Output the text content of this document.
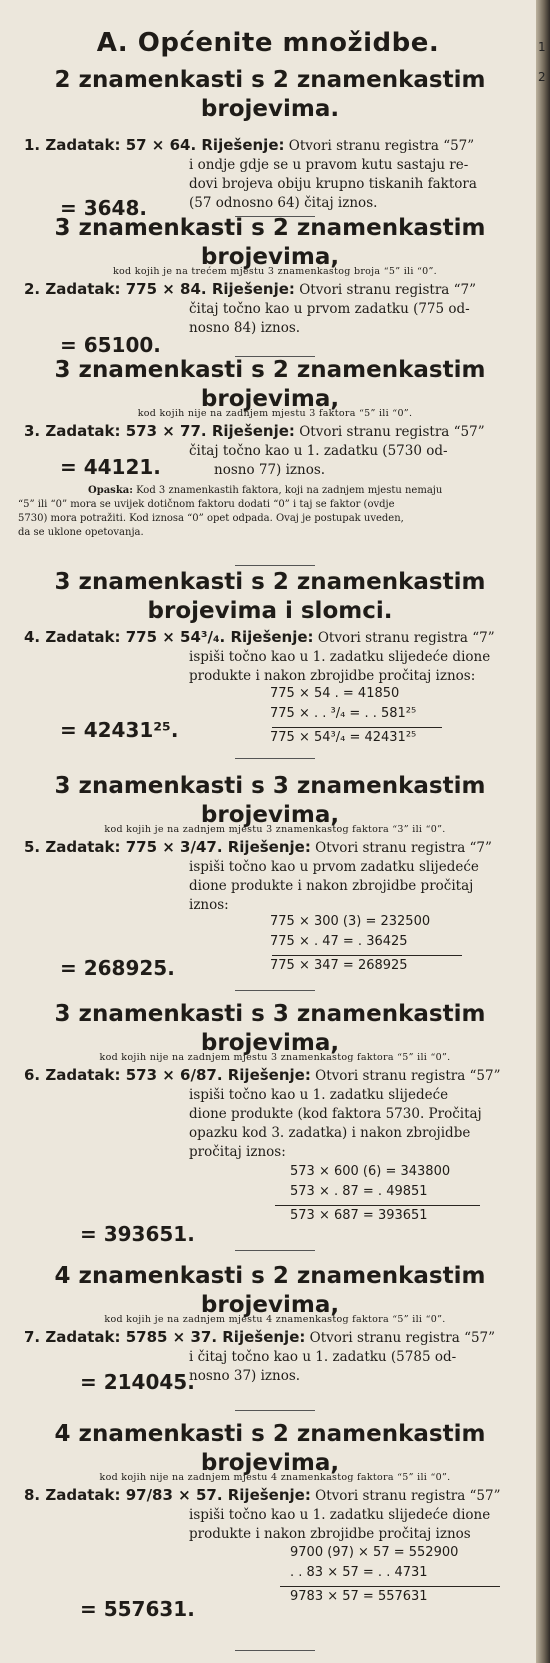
A. Općenite množidbe.
2 znamenkasti s 2 znamenkastim
brojevima.
1. Zadatak: 57 × 64. Riješenje: Otvori stranu registra “57”
i ondje gdje se u pravom kutu sastaju re-
dovi brojeva obiju krupno tiskanih faktora
(57 odnosno 64) čitaj iznos.
= 3648.
3 znamenkasti s 2 znamenkastim
brojevima,
kod kojih je na trećem mjestu 3 znamenkastog broja “5” ili “0”.
2. Zadatak: 775 × 84. Riješenje: Otvori stranu registra “7”
čitaj točno kao u prvom zadatku (775 od-
nosno 84) iznos.
= 65100.
3 znamenkasti s 2 znamenkastim
brojevima,
kod kojih nije na zadnjem mjestu 3 faktora “5” ili “0”.
3. Zadatak: 573 × 77. Riješenje: Otvori stranu registra “57”
čitaj točno kao u 1. zadatku (5730 od-
nosno 77) iznos.
= 44121.
Opaska: Kod 3 znamenkastih faktora, koji na zadnjem mjestu nemaju
“5” ili “0” mora se uvijek dotičnom faktoru dodati “0” i taj se faktor (ovdje
5730) mora potražiti. Kod iznosa “0” opet odpada. Ovaj je postupak uveden,
da se uklone opetovanja.
3 znamenkasti s 2 znamenkastim
brojevima i slomci.
4. Zadatak: 775 × 54³/₄. Riješenje: Otvori stranu registra “7”
ispiši točno kao u 1. zadatku slijedeće dione
produkte i nakon zbrojidbe pročitaj iznos:
775 × 54 . = 41850
775 × . . ³/₄ = . . 581²⁵
775 × 54³/₄ = 42431²⁵
= 42431²⁵.
3 znamenkasti s 3 znamenkastim
brojevima,
kod kojih je na zadnjem mjestu 3 znamenkastog faktora “3” ili “0”.
5. Zadatak: 775 × 3/47. Riješenje: Otvori stranu registra “7”
ispiši točno kao u prvom zadatku slijedeće
dione produkte i nakon zbrojidbe pročitaj
iznos:
775 × 300 (3) = 232500
775 × . 47 = . 36425
775 × 347 = 268925
= 268925.
3 znamenkasti s 3 znamenkastim
brojevima,
kod kojih nije na zadnjem mjestu 3 znamenkastog faktora “5” ili “0”.
6. Zadatak: 573 × 6/87. Riješenje: Otvori stranu registra “57”
ispiši točno kao u 1. zadatku slijedeće
dione produkte (kod faktora 5730. Pročitaj
opazku kod 3. zadatka) i nakon zbrojidbe
pročitaj iznos:
573 × 600 (6) = 343800
573 × . 87 = . 49851
573 × 687 = 393651
= 393651.
4 znamenkasti s 2 znamenkastim
brojevima,
kod kojih je na zadnjem mjestu 4 znamenkastog faktora “5” ili “0”.
7. Zadatak: 5785 × 37. Riješenje: Otvori stranu registra “57”
i čitaj točno kao u 1. zadatku (5785 od-
nosno 37) iznos.
= 214045.
4 znamenkasti s 2 znamenkastim
brojevima,
kod kojih nije na zadnjem mjestu 4 znamenkastog faktora “5” ili “0”.
8. Zadatak: 97/83 × 57. Riješenje: Otvori stranu registra “57”
ispiši točno kao u 1. zadatku slijedeće dione
produkte i nakon zbrojidbe pročitaj iznos
9700 (97) × 57 = 552900
. . 83 × 57 = . . 4731
9783 × 57 = 557631
= 557631.
1
2
